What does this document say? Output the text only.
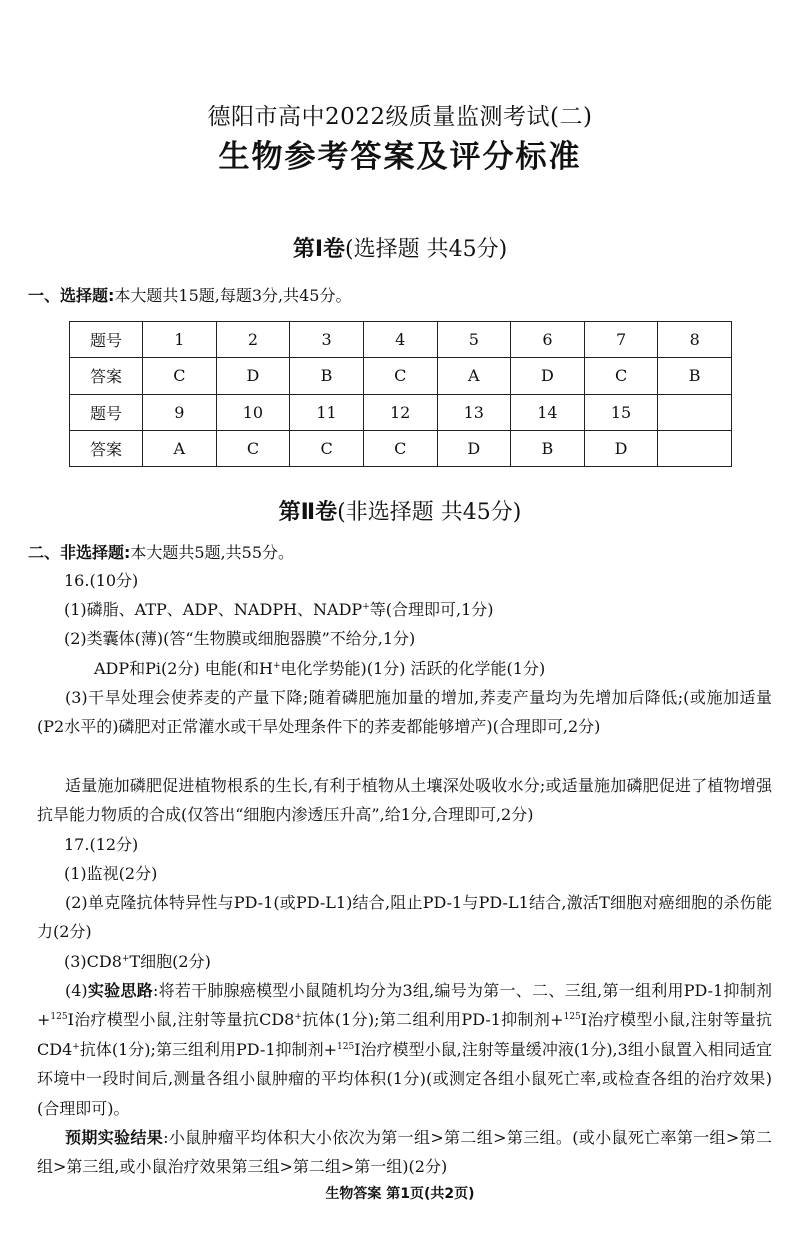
德阳市高中2022级质量监测考试(二)
生物参考答案及评分标准
第Ⅰ卷(选择题 共45分)
一、选择题:本大题共15题,每题3分,共45分。
题号	1	2	3	4	5	6	7	8
答案	C	D	B	C	A	D	C	B
题号	9	10	11	12	13	14	15	
答案	A	C	C	C	D	B	D	
第Ⅱ卷(非选择题 共45分)
二、非选择题:本大题共5题,共55分。
16.(10分)
(1)磷脂、ATP、ADP、NADPH、NADP+等(合理即可,1分)
(2)类囊体(薄)(答“生物膜或细胞器膜”不给分,1分)
ADP和Pi(2分) 电能(和H+电化学势能)(1分) 活跃的化学能(1分)
(3)干旱处理会使荞麦的产量下降;随着磷肥施加量的增加,荞麦产量均为先增加后降低;(或施加适量(P2水平的)磷肥对正常灌水或干旱处理条件下的荞麦都能够增产)(合理即可,2分)
适量施加磷肥促进植物根系的生长,有利于植物从土壤深处吸收水分;或适量施加磷肥促进了植物增强抗旱能力物质的合成(仅答出“细胞内渗透压升高”,给1分,合理即可,2分)
17.(12分)
(1)监视(2分)
(2)单克隆抗体特异性与PD-1(或PD-L1)结合,阻止PD-1与PD-L1结合,激活T细胞对癌细胞的杀伤能力(2分)
(3)CD8+T细胞(2分)
(4)实验思路:将若干肺腺癌模型小鼠随机均分为3组,编号为第一、二、三组,第一组利用PD-1抑制剂+$^{125}$I治疗模型小鼠,注射等量抗CD8+抗体(1分);第二组利用PD-1抑制剂+$^{125}$I治疗模型小鼠,注射等量抗CD4+抗体(1分);第三组利用PD-1抑制剂+$^{125}$I治疗模型小鼠,注射等量缓冲液(1分),3组小鼠置入相同适宜环境中一段时间后,测量各组小鼠肿瘤的平均体积(1分)(或测定各组小鼠死亡率,或检查各组的治疗效果)(合理即可)。
预期实验结果:小鼠肿瘤平均体积大小依次为第一组>第二组>第三组。(或小鼠死亡率第一组>第二组>第三组,或小鼠治疗效果第三组>第二组>第一组)(2分)
生物答案 第1页(共2页)
